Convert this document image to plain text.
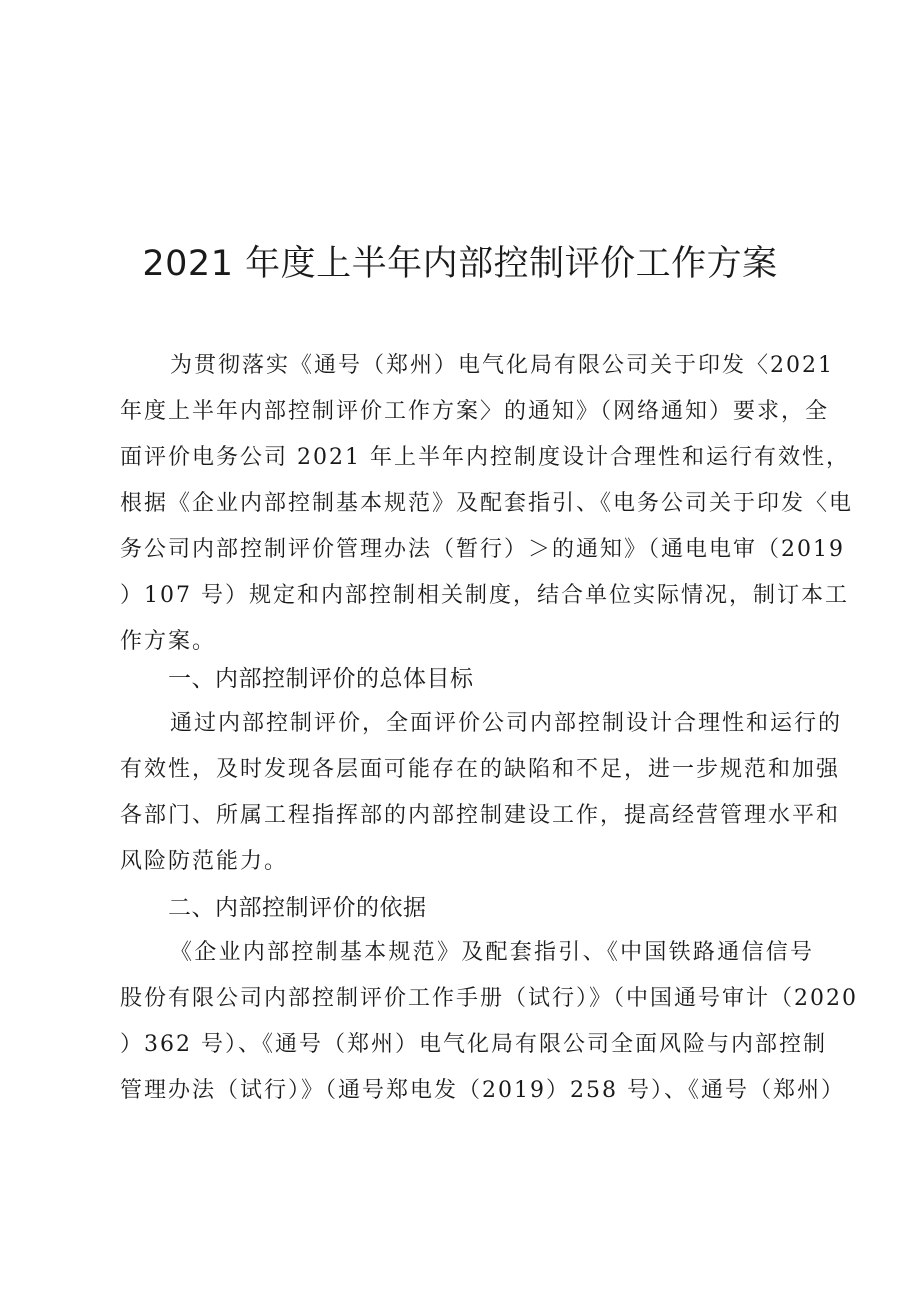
2021 年度上半年内部控制评价工作方案
为贯彻落实《通号（郑州）电气化局有限公司关于印发〈2021
年度上半年内部控制评价工作方案〉的通知》（网络通知）要求，全
面评价电务公司 2021 年上半年内控制度设计合理性和运行有效性，
根据《企业内部控制基本规范》及配套指引、《电务公司关于印发〈电
务公司内部控制评价管理办法（暂行）＞的通知》（通电电审（2019
）107 号）规定和内部控制相关制度，结合单位实际情况，制订本工
作方案。
一、内部控制评价的总体目标
通过内部控制评价，全面评价公司内部控制设计合理性和运行的
有效性，及时发现各层面可能存在的缺陷和不足，进一步规范和加强
各部门、所属工程指挥部的内部控制建设工作，提高经营管理水平和
风险防范能力。
二、内部控制评价的依据
《企业内部控制基本规范》及配套指引、《中国铁路通信信号
股份有限公司内部控制评价工作手册（试行）》（中国通号审计（2020
）362 号）、《通号（郑州）电气化局有限公司全面风险与内部控制
管理办法（试行）》（通号郑电发（2019）258 号）、《通号（郑州）
